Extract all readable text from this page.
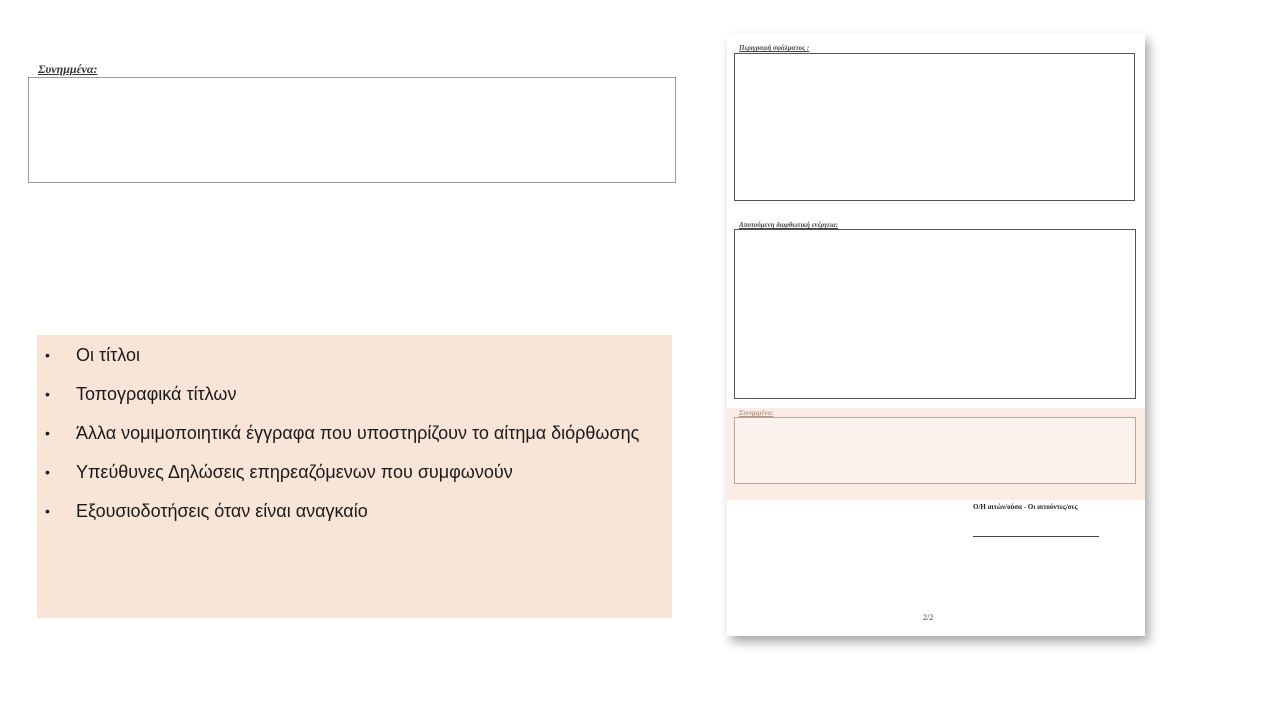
Συνημμένα:
• Οι τίτλοι
• Τοπογραφικά τίτλων
• Άλλα νομιμοποιητικά έγγραφα που υποστηρίζουν το αίτημα διόρθωσης
• Υπεύθυνες Δηλώσεις επηρεαζόμενων που συμφωνούν
• Εξουσιοδοτήσεις όταν είναι αναγκαίο
Περιγραφή σφάλματος :
Αποτούμενη διορθωτική ενέργεια:
Συνημμένα:
Ο/Η αιτών/ούσα - Οι αιτούντες/σες
2/2
